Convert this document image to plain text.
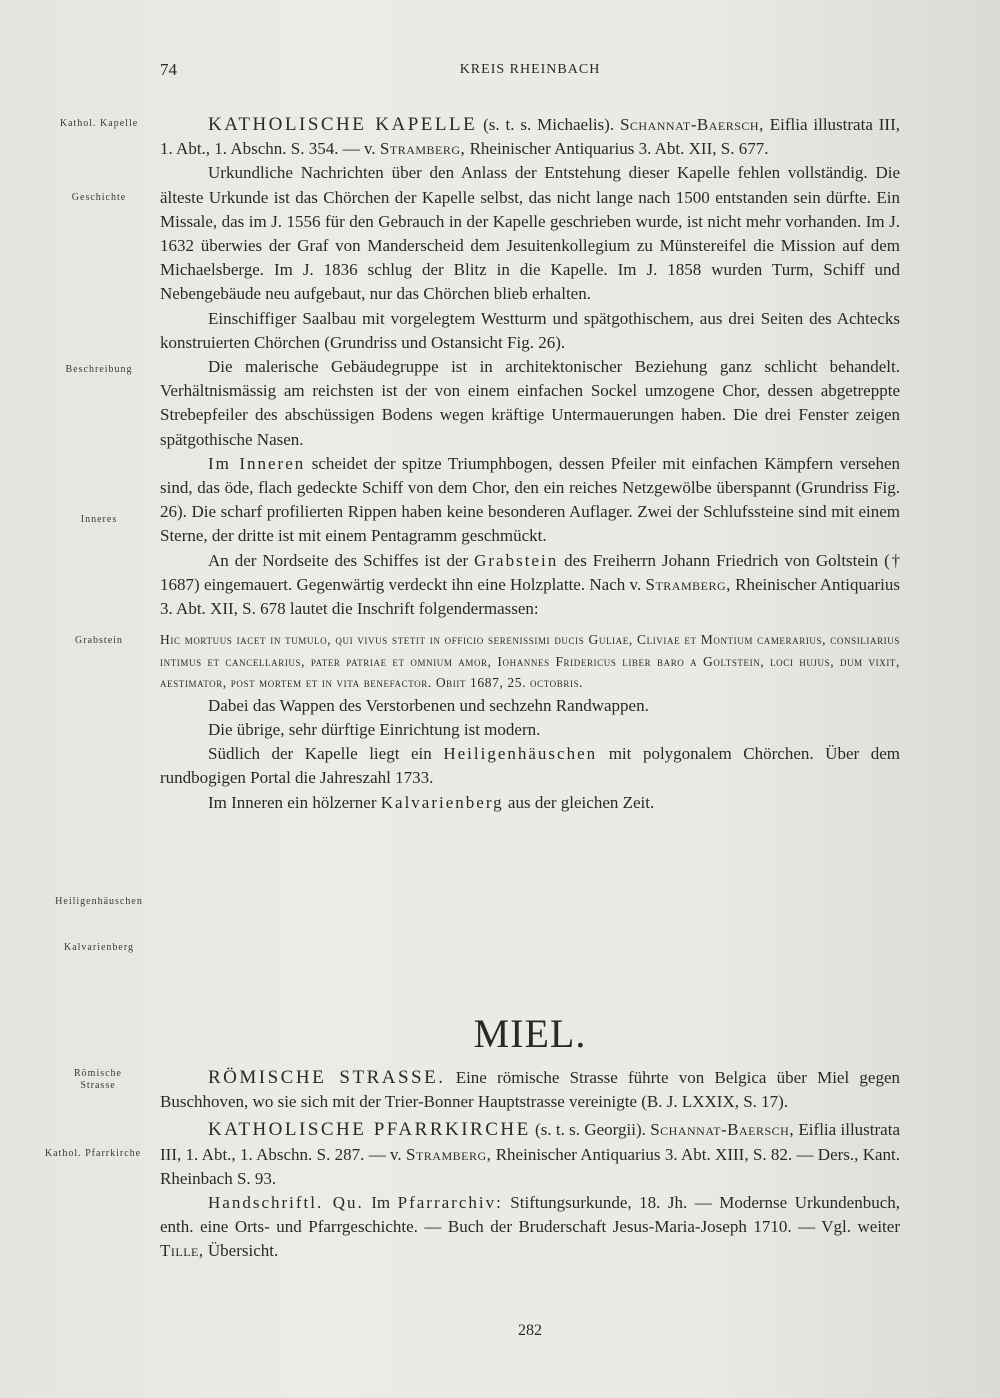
74	KREIS RHEINBACH
Kathol. Kapelle
Geschichte
Beschreibung
Inneres
Grabstein
Heiligenhäuschen
Kalvarienberg
Römische Strasse
Kathol. Pfarrkirche

KATHOLISCHE KAPELLE (s. t. s. Michaelis). Schannat-Baersch, Eiflia illustrata III, 1. Abt., 1. Abschn. S. 354. — v. Stramberg, Rheinischer Antiquarius 3. Abt. XII, S. 677.

Urkundliche Nachrichten über den Anlass der Entstehung dieser Kapelle fehlen vollständig. Die älteste Urkunde ist das Chörchen der Kapelle selbst, das nicht lange nach 1500 entstanden sein dürfte. Ein Missale, das im J. 1556 für den Gebrauch in der Kapelle geschrieben wurde, ist nicht mehr vorhanden. Im J. 1632 überwies der Graf von Manderscheid dem Jesuitenkollegium zu Münstereifel die Mission auf dem Michaelsberge. Im J. 1836 schlug der Blitz in die Kapelle. Im J. 1858 wurden Turm, Schiff und Nebengebäude neu aufgebaut, nur das Chörchen blieb erhalten.

Einschiffiger Saalbau mit vorgelegtem Westturm und spätgothischem, aus drei Seiten des Achtecks konstruierten Chörchen (Grundriss und Ostansicht Fig. 26).

Die malerische Gebäudegruppe ist in architektonischer Beziehung ganz schlicht behandelt. Verhältnismässig am reichsten ist der von einem einfachen Sockel umzogene Chor, dessen abgetreppte Strebepfeiler des abschüssigen Bodens wegen kräftige Untermauerungen haben. Die drei Fenster zeigen spätgothische Nasen.

Im Inneren scheidet der spitze Triumphbogen, dessen Pfeiler mit einfachen Kämpfern versehen sind, das öde, flach gedeckte Schiff von dem Chor, den ein reiches Netzgewölbe überspannt (Grundriss Fig. 26). Die scharf profilierten Rippen haben keine besonderen Auflager. Zwei der Schlufssteine sind mit einem Sterne, der dritte ist mit einem Pentagramm geschmückt.

An der Nordseite des Schiffes ist der Grabstein des Freiherrn Johann Friedrich von Goltstein († 1687) eingemauert. Gegenwärtig verdeckt ihn eine Holzplatte. Nach v. Stramberg, Rheinischer Antiquarius 3. Abt. XII, S. 678 lautet die Inschrift folgendermassen:

Hic mortuus iacet in tumulo, qui vivus stetit in officio serenissimi ducis Guliae, Cliviae et Montium camerarius, consiliarius intimus et cancellarius, pater patriae et omnium amor, Iohannes Fridericus liber baro a Goltstein, loci hujus, dum vixit, aestimator, post mortem et in vita benefactor. Obiit 1687, 25. octobris.

Dabei das Wappen des Verstorbenen und sechzehn Randwappen.

Die übrige, sehr dürftige Einrichtung ist modern.

Südlich der Kapelle liegt ein Heiligenhäuschen mit polygonalem Chörchen. Über dem rundbogigen Portal die Jahreszahl 1733.

Im Inneren ein hölzerner Kalvarienberg aus der gleichen Zeit.

MIEL.

RÖMISCHE STRASSE. Eine römische Strasse führte von Belgica über Miel gegen Buschhoven, wo sie sich mit der Trier-Bonner Hauptstrasse vereinigte (B. J. LXXIX, S. 17).

KATHOLISCHE PFARRKIRCHE (s. t. s. Georgii). Schannat-Baersch, Eiflia illustrata III, 1. Abt., 1. Abschn. S. 287. — v. Stramberg, Rheinischer Antiquarius 3. Abt. XIII, S. 82. — Ders., Kant. Rheinbach S. 93.

Handschriftl. Qu. Im Pfarrarchiv: Stiftungsurkunde, 18. Jh. — Modernse Urkundenbuch, enth. eine Orts- und Pfarrgeschichte. — Buch der Bruderschaft Jesus-Maria-Joseph 1710. — Vgl. weiter Tille, Übersicht.

282
